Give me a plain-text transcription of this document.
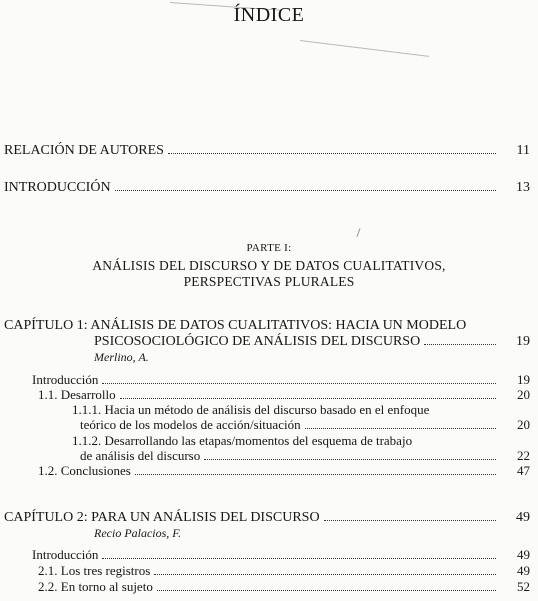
ÍNDICE
RELACIÓN DE AUTORES	11
INTRODUCCIÓN	13
PARTE I:
ANÁLISIS DEL DISCURSO Y DE DATOS CUALITATIVOS,
PERSPECTIVAS PLURALES
CAPÍTULO 1: ANÁLISIS DE DATOS CUALITATIVOS: HACIA UN MODELO
PSICOSOCIOLÓGICO DE ANÁLISIS DEL DISCURSO	19
Merlino, A.
Introducción	19
1.1. Desarrollo	20
1.1.1. Hacia un método de análisis del discurso basado en el enfoque
teórico de los modelos de acción/situación	20
1.1.2. Desarrollando las etapas/momentos del esquema de trabajo
de análisis del discurso	22
1.2. Conclusiones	47
CAPÍTULO 2: PARA UN ANÁLISIS DEL DISCURSO	49
Recio Palacios, F.
Introducción	49
2.1. Los tres registros	49
2.2. En torno al sujeto	52
